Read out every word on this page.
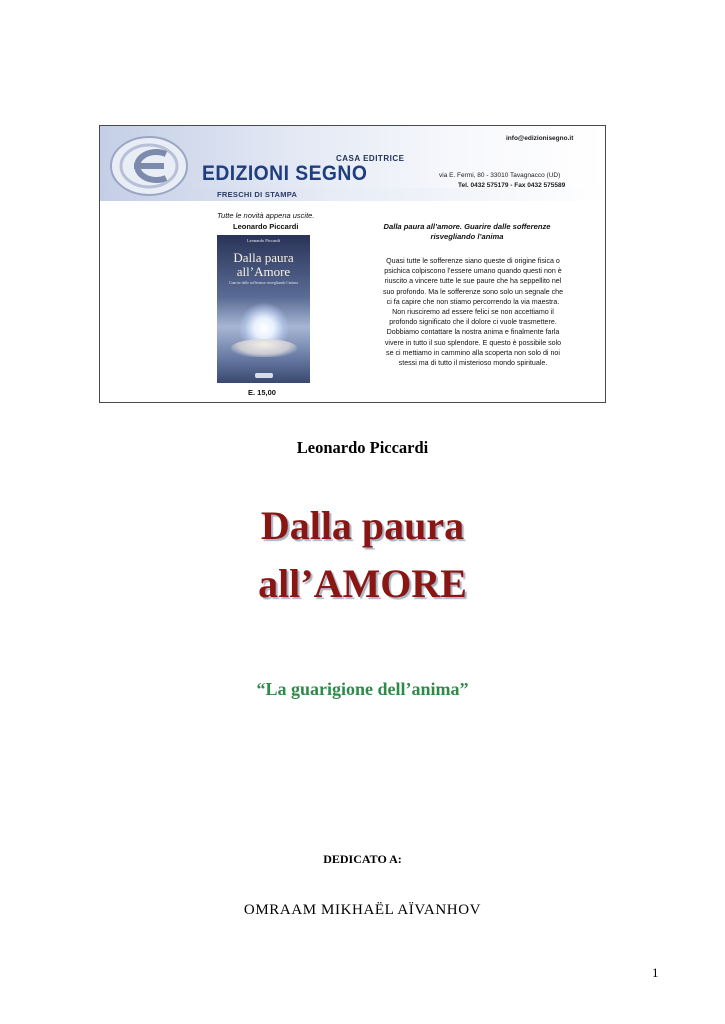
CASA EDITRICE
EDIZIONI SEGNO
FRESCHI DI STAMPA
info@edizionisegno.it
via E. Fermi, 80 - 33010 Tavagnacco (UD)
Tel. 0432 575179 - Fax 0432 575589
Tutte le novità appena uscite.
Leonardo Piccardi
Leonardo Piccardi
Dalla paura
all’Amore
Guarire dalle sofferenze risvegliando l’anima
E. 15,00
Dalla paura all’amore. Guarire dalle sofferenze
risvegliando l’anima
Quasi tutte le sofferenze siano queste di origine fisica o
psichica colpiscono l’essere umano quando questi non è
riuscito a vincere tutte le sue paure che ha seppellito nel
suo profondo. Ma le sofferenze sono solo un segnale che
ci fa capire che non stiamo percorrendo la via maestra.
Non riusciremo ad essere felici se non accettiamo il
profondo significato che il dolore ci vuole trasmettere.
Dobbiamo contattare la nostra anima e finalmente farla
vivere in tutto il suo splendore. E questo è possibile solo
se ci mettiamo in cammino alla scoperta non solo di noi
stessi ma di tutto il misterioso mondo spirituale.
Leonardo Piccardi
Dalla paura
all’AMORE
“La guarigione dell’anima”
DEDICATO A:
OMRAAM MIKHAËL AÏVANHOV
1
